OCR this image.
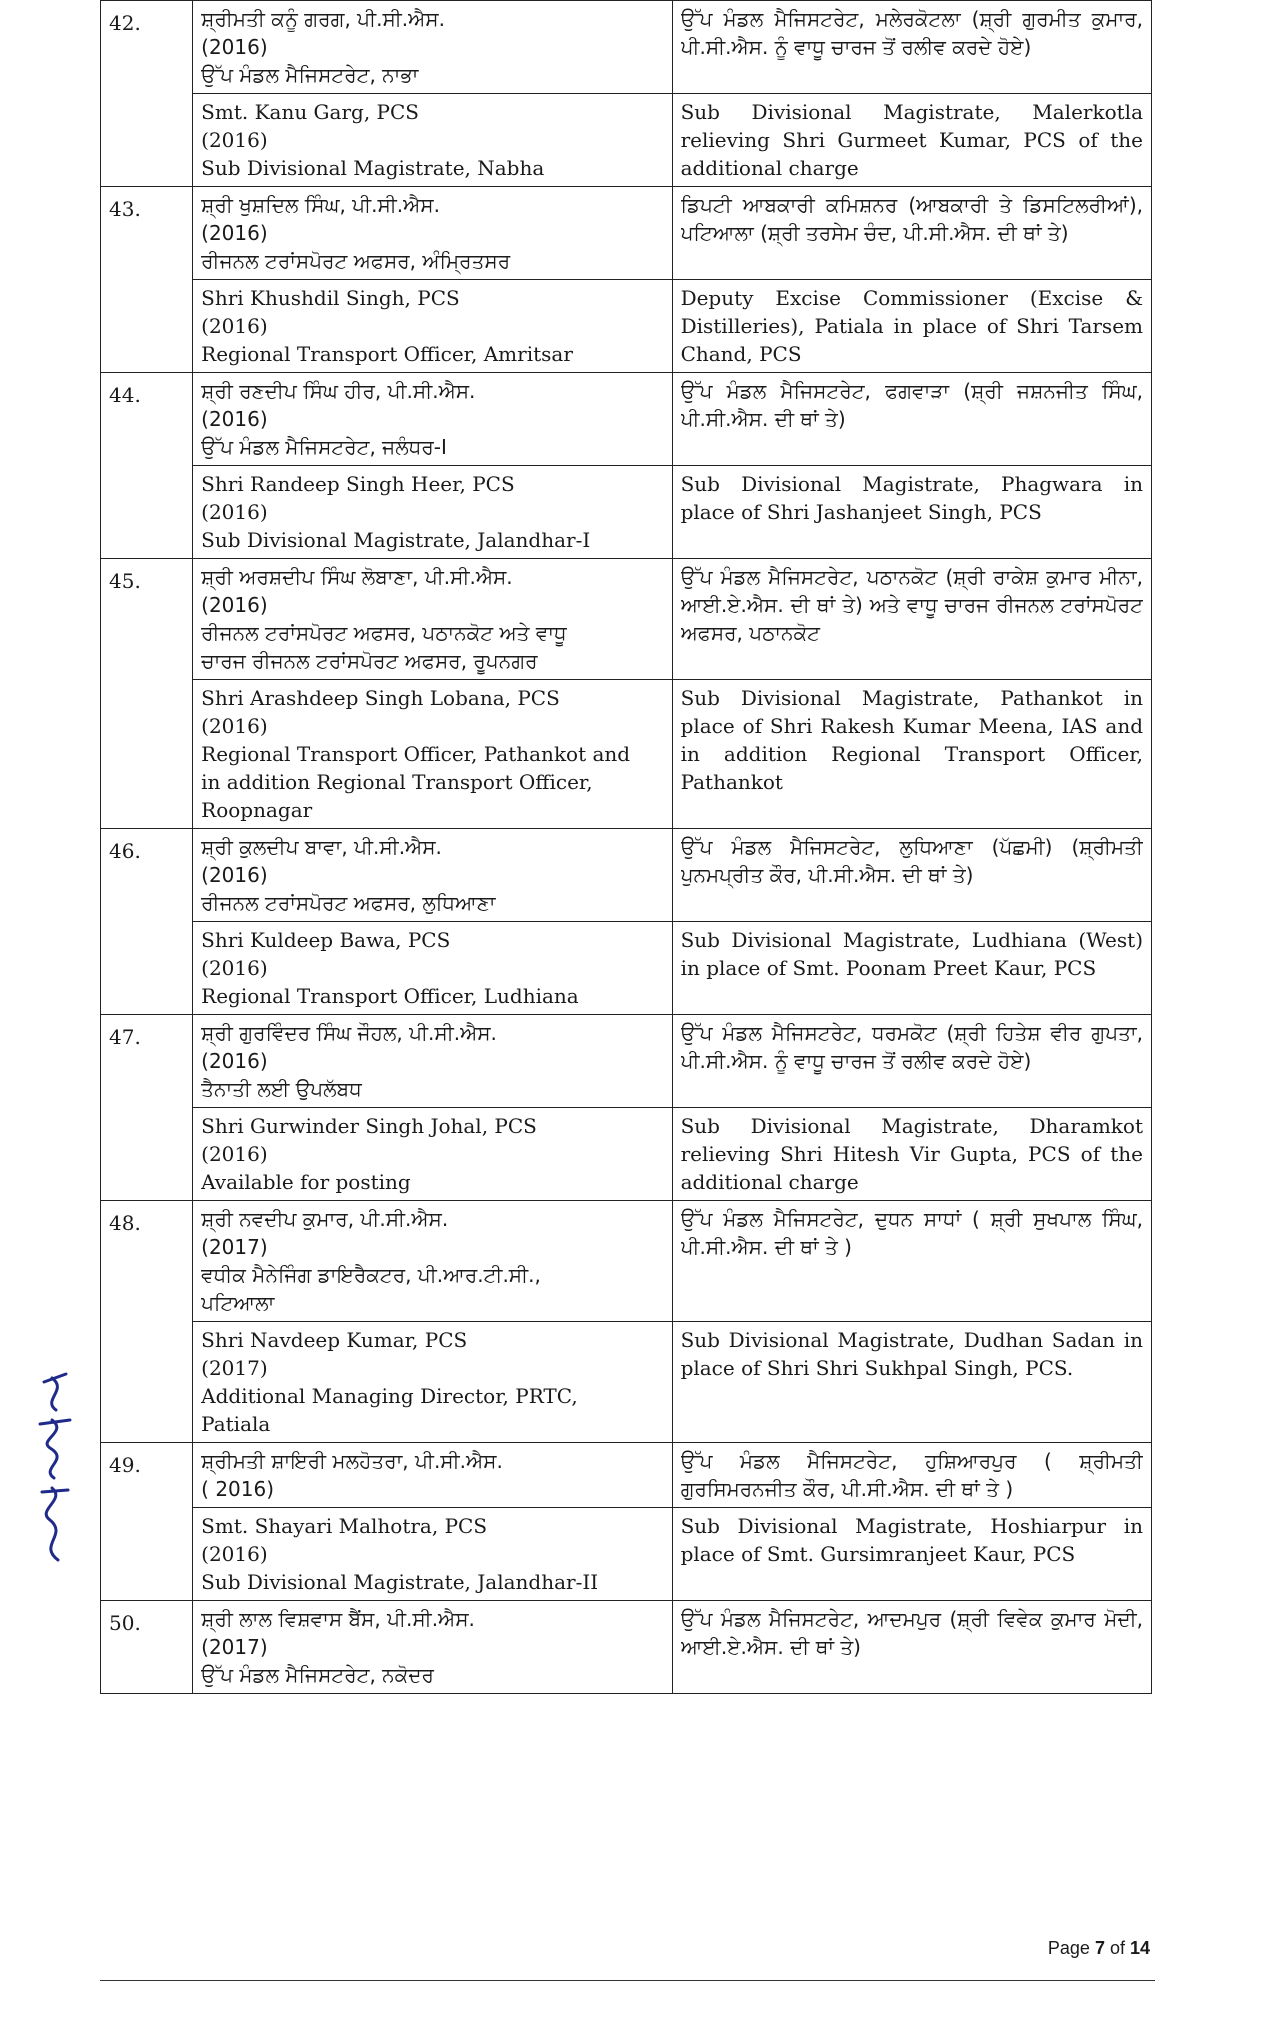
42.	ਸ਼੍ਰੀਮਤੀ ਕਨੂੰ ਗਰਗ, ਪੀ.ਸੀ.ਐਸ.
(2016)
ਉੱਪ ਮੰਡਲ ਮੈਜਿਸਟਰੇਟ, ਨਾਭਾ	ਉੱਪ ਮੰਡਲ ਮੈਜਿਸਟਰੇਟ, ਮਲੇਰਕੋਟਲਾ (ਸ਼੍ਰੀ ਗੁਰਮੀਤ ਕੁਮਾਰ, ਪੀ.ਸੀ.ਐਸ. ਨੂੰ ਵਾਧੂ ਚਾਰਜ ਤੋਂ ਰਲੀਵ ਕਰਦੇ ਹੋਏ)

	Smt. Kanu Garg, PCS
(2016)
Sub Divisional Magistrate, Nabha	Sub Divisional Magistrate, Malerkotla relieving Shri Gurmeet Kumar, PCS of the additional charge

43.	ਸ਼੍ਰੀ ਖੁਸ਼ਦਿਲ ਸਿੰਘ, ਪੀ.ਸੀ.ਐਸ.
(2016)
ਰੀਜਨਲ ਟਰਾਂਸਪੋਰਟ ਅਫਸਰ, ਅੰਮ੍ਰਿਤਸਰ	ਡਿਪਟੀ ਆਬਕਾਰੀ ਕਮਿਸ਼ਨਰ (ਆਬਕਾਰੀ ਤੇ ਡਿਸਟਿਲਰੀਆਂ), ਪਟਿਆਲਾ (ਸ਼੍ਰੀ ਤਰਸੇਮ ਚੰਦ, ਪੀ.ਸੀ.ਐਸ. ਦੀ ਥਾਂ ਤੇ)

	Shri Khushdil Singh, PCS
(2016)
Regional Transport Officer, Amritsar	Deputy Excise Commissioner (Excise & Distilleries), Patiala in place of Shri Tarsem Chand, PCS

44.	ਸ਼੍ਰੀ ਰਣਦੀਪ ਸਿੰਘ ਹੀਰ, ਪੀ.ਸੀ.ਐਸ.
(2016)
ਉੱਪ ਮੰਡਲ ਮੈਜਿਸਟਰੇਟ, ਜਲੰਧਰ-I	ਉੱਪ ਮੰਡਲ ਮੈਜਿਸਟਰੇਟ, ਫਗਵਾੜਾ (ਸ਼੍ਰੀ ਜਸ਼ਨਜੀਤ ਸਿੰਘ, ਪੀ.ਸੀ.ਐਸ. ਦੀ ਥਾਂ ਤੇ)

	Shri Randeep Singh Heer, PCS
(2016)
Sub Divisional Magistrate, Jalandhar-I	Sub Divisional Magistrate, Phagwara in place of Shri Jashanjeet Singh, PCS

45.	ਸ਼੍ਰੀ ਅਰਸ਼ਦੀਪ ਸਿੰਘ ਲੋਬਾਣਾ, ਪੀ.ਸੀ.ਐਸ.
(2016)
ਰੀਜਨਲ ਟਰਾਂਸਪੋਰਟ ਅਫਸਰ, ਪਠਾਨਕੋਟ ਅਤੇ ਵਾਧੂ
ਚਾਰਜ ਰੀਜਨਲ ਟਰਾਂਸਪੋਰਟ ਅਫਸਰ, ਰੂਪਨਗਰ	ਉੱਪ ਮੰਡਲ ਮੈਜਿਸਟਰੇਟ, ਪਠਾਨਕੋਟ (ਸ਼੍ਰੀ ਰਾਕੇਸ਼ ਕੁਮਾਰ ਮੀਨਾ, ਆਈ.ਏ.ਐਸ. ਦੀ ਥਾਂ ਤੇ) ਅਤੇ ਵਾਧੂ ਚਾਰਜ ਰੀਜਨਲ ਟਰਾਂਸਪੋਰਟ ਅਫਸਰ, ਪਠਾਨਕੋਟ

	Shri Arashdeep Singh Lobana, PCS
(2016)
Regional Transport Officer, Pathankot and
in addition Regional Transport Officer,
Roopnagar	Sub Divisional Magistrate, Pathankot in place of Shri Rakesh Kumar Meena, IAS and in addition Regional Transport Officer, Pathankot

46.	ਸ਼੍ਰੀ ਕੁਲਦੀਪ ਬਾਵਾ, ਪੀ.ਸੀ.ਐਸ.
(2016)
ਰੀਜਨਲ ਟਰਾਂਸਪੋਰਟ ਅਫਸਰ, ਲੁਧਿਆਣਾ	ਉੱਪ ਮੰਡਲ ਮੈਜਿਸਟਰੇਟ, ਲੁਧਿਆਣਾ (ਪੱਛਮੀ) (ਸ਼੍ਰੀਮਤੀ ਪੁਨਮਪ੍ਰੀਤ ਕੌਰ, ਪੀ.ਸੀ.ਐਸ. ਦੀ ਥਾਂ ਤੇ)

	Shri Kuldeep Bawa, PCS
(2016)
Regional Transport Officer, Ludhiana	Sub Divisional Magistrate, Ludhiana (West) in place of Smt. Poonam Preet Kaur, PCS

47.	ਸ਼੍ਰੀ ਗੁਰਵਿੰਦਰ ਸਿੰਘ ਜੌਹਲ, ਪੀ.ਸੀ.ਐਸ.
(2016)
ਤੈਨਾਤੀ ਲਈ ਉਪਲੱਬਧ	ਉੱਪ ਮੰਡਲ ਮੈਜਿਸਟਰੇਟ, ਧਰਮਕੋਟ (ਸ਼੍ਰੀ ਹਿਤੇਸ਼ ਵੀਰ ਗੁਪਤਾ, ਪੀ.ਸੀ.ਐਸ. ਨੂੰ ਵਾਧੂ ਚਾਰਜ ਤੋਂ ਰਲੀਵ ਕਰਦੇ ਹੋਏ)

	Shri Gurwinder Singh Johal, PCS
(2016)
Available for posting	Sub Divisional Magistrate, Dharamkot relieving Shri Hitesh Vir Gupta, PCS of the additional charge

48.	ਸ਼੍ਰੀ ਨਵਦੀਪ ਕੁਮਾਰ, ਪੀ.ਸੀ.ਐਸ.
(2017)
ਵਧੀਕ ਮੈਨੇਜਿੰਗ ਡਾਇਰੈਕਟਰ, ਪੀ.ਆਰ.ਟੀ.ਸੀ.,
ਪਟਿਆਲਾ	ਉੱਪ ਮੰਡਲ ਮੈਜਿਸਟਰੇਟ, ਦੁਧਨ ਸਾਧਾਂ ( ਸ਼੍ਰੀ ਸੁਖਪਾਲ ਸਿੰਘ, ਪੀ.ਸੀ.ਐਸ. ਦੀ ਥਾਂ ਤੇ )

	Shri Navdeep Kumar, PCS
(2017)
Additional Managing Director, PRTC,
Patiala	Sub Divisional Magistrate, Dudhan Sadan in place of Shri Shri Sukhpal Singh, PCS.

49.	ਸ਼੍ਰੀਮਤੀ ਸ਼ਾਇਰੀ ਮਲਹੋਤਰਾ, ਪੀ.ਸੀ.ਐਸ.
( 2016)	ਉੱਪ ਮੰਡਲ ਮੈਜਿਸਟਰੇਟ, ਹੁਸ਼ਿਆਰਪੁਰ ( ਸ਼੍ਰੀਮਤੀ ਗੁਰਸਿਮਰਨਜੀਤ ਕੌਰ, ਪੀ.ਸੀ.ਐਸ. ਦੀ ਥਾਂ ਤੇ )

	Smt. Shayari Malhotra, PCS
(2016)
Sub Divisional Magistrate, Jalandhar-II	Sub Divisional Magistrate, Hoshiarpur in place of Smt. Gursimranjeet Kaur, PCS

50.	ਸ਼੍ਰੀ ਲਾਲ ਵਿਸ਼ਵਾਸ ਬੈਂਸ, ਪੀ.ਸੀ.ਐਸ.
(2017)
ਉੱਪ ਮੰਡਲ ਮੈਜਿਸਟਰੇਟ, ਨਕੋਦਰ	ਉੱਪ ਮੰਡਲ ਮੈਜਿਸਟਰੇਟ, ਆਦਮਪੁਰ (ਸ਼੍ਰੀ ਵਿਵੇਕ ਕੁਮਾਰ ਮੋਦੀ, ਆਈ.ਏ.ਐਸ. ਦੀ ਥਾਂ ਤੇ)
Page 7 of 14
